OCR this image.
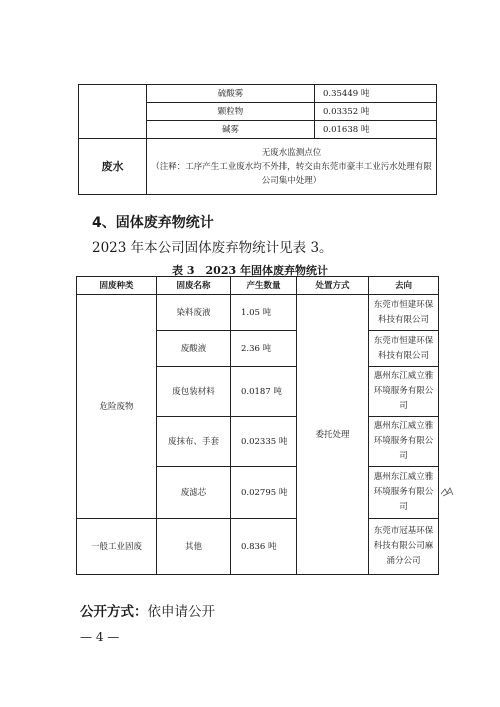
	硫酸雾	0.35449 吨
	颗粒物	0.03352 吨
	碱雾	0.01638 吨
废水	无废水监测点位
（注释：工序产生工业废水均不外排，转交由东莞市豪丰工业污水处理有限
公司集中处理）	
4、固体废弃物统计
2023 年本公司固体废弃物统计见表 3。
表 3　2023 年固体废弃物统计
固废种类	固废名称	产生数量	处置方式	去向
危险废物	染料废液	1.05 吨	委托处理	东莞市恒建环保科技有限公司
	废酸液	2.36 吨		东莞市恒建环保科技有限公司
	废包装材料	0.0187 吨		惠州东江威立雅环境服务有限公司
	废抹布、手套	0.02335 吨		惠州东江威立雅环境服务有限公司
	废滤芯	0.02795 吨		惠州东江威立雅环境服务有限公司
一般工业固废	其他	0.836 吨		东莞市冠基环保科技有限公司麻涌分公司
公开方式：依申请公开
— 4 —
